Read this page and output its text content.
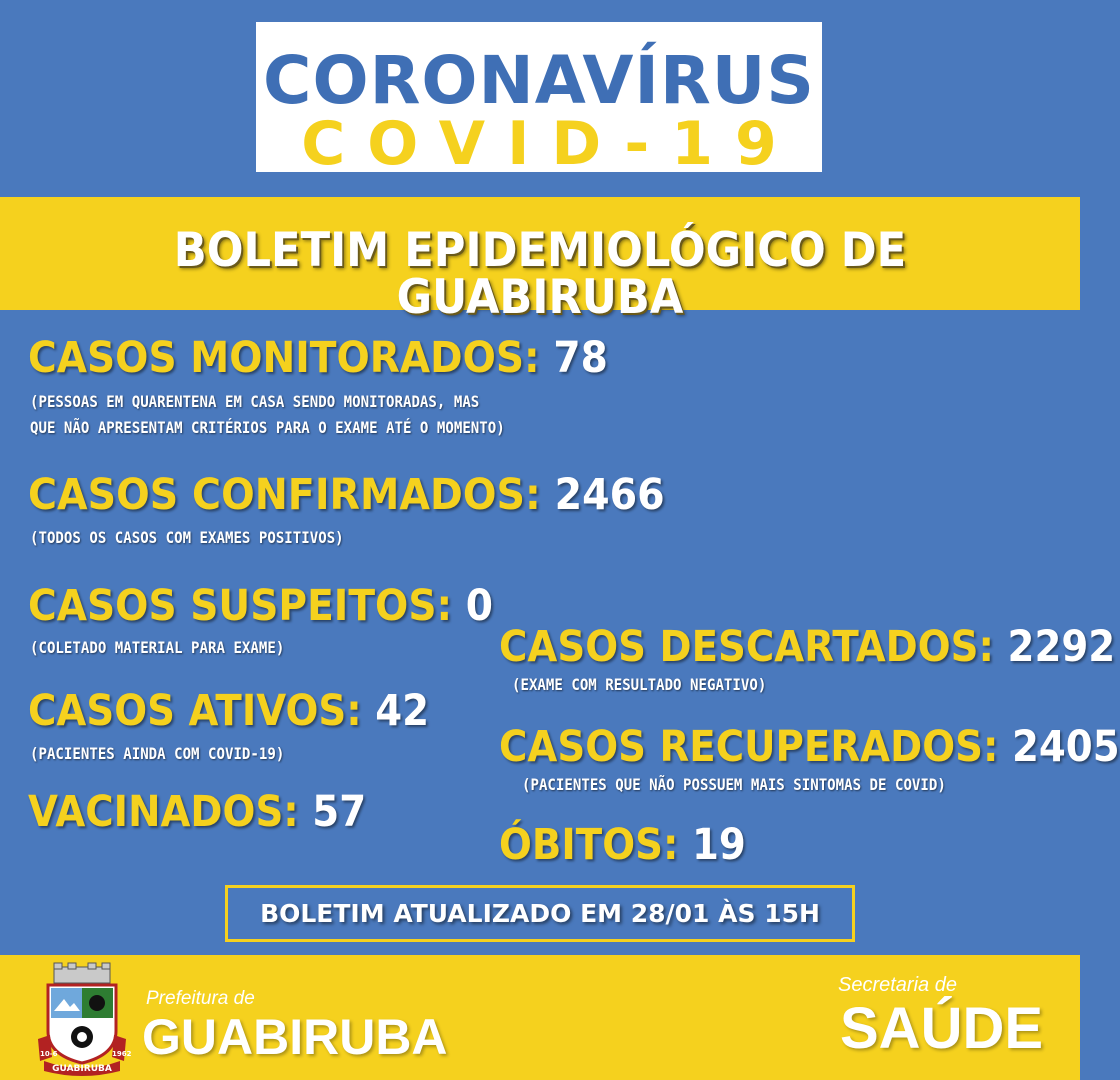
CORONAVÍRUS
COVID-19
BOLETIM EPIDEMIOLÓGICO DE GUABIRUBA
CASOS MONITORADOS: 78
(PESSOAS EM QUARENTENA EM CASA SENDO MONITORADAS, MAS
QUE NÃO APRESENTAM CRITÉRIOS PARA O EXAME ATÉ O MOMENTO)
CASOS CONFIRMADOS: 2466
(TODOS OS CASOS COM EXAMES POSITIVOS)
CASOS SUSPEITOS: 0
(COLETADO MATERIAL PARA EXAME)
CASOS ATIVOS: 42
(PACIENTES AINDA COM COVID-19)
VACINADOS: 57
CASOS DESCARTADOS: 2292
(EXAME COM RESULTADO NEGATIVO)
CASOS RECUPERADOS: 2405
(PACIENTES QUE NÃO POSSUEM MAIS SINTOMAS DE COVID)
ÓBITOS: 19
BOLETIM ATUALIZADO EM 28/01 ÀS 15H
10-6	1962
GUABIRUBA
Prefeitura de
GUABIRUBA
Secretaria de
SAÚDE
